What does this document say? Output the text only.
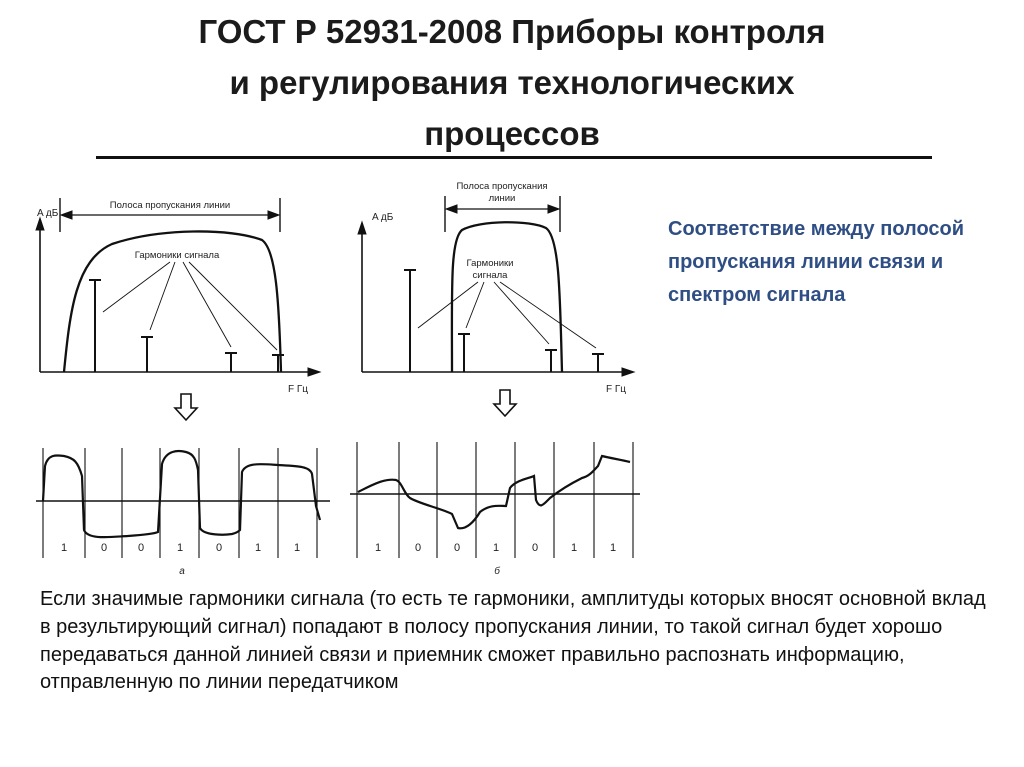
ГОСТ Р 52931-2008 Приборы контроля
и регулирования технологических
процессов
A дБ
F Гц
Полоса пропускания линии
Гармоники сигнала
A дБ
F Гц
Полоса пропускания
линии
Гармоники
сигнала
1	0	0	1	0	1	1
а
1	0	0	1	0	1	1
б
Соответствие между полосой пропускания линии связи и спектром сигнала
Если значимые гармоники сигнала (то есть те гармоники, амплитуды которых вносят основной вклад в результирующий сигнал) попадают в полосу пропускания линии, то такой сигнал будет хорошо передаваться данной линией связи и приемник сможет правильно распознать информацию, отправленную по линии передатчиком
